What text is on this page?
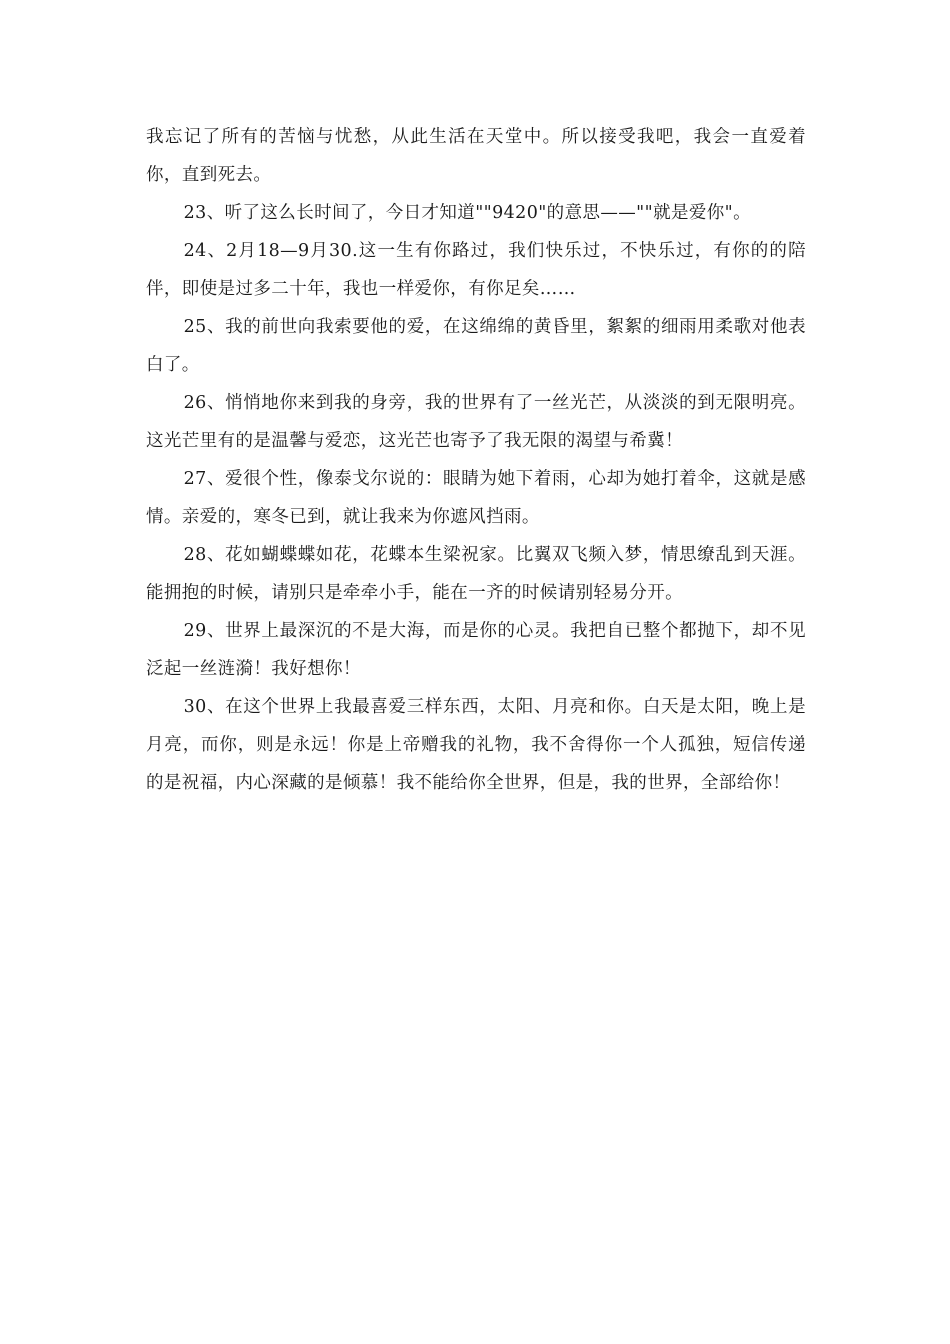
我忘记了所有的苦恼与忧愁，从此生活在天堂中。所以接受我吧，我会一直爱着你，直到死去。

23、听了这么长时间了，今日才知道""9420"的意思——""就是爱你"。

24、2月18—9月30.这一生有你路过，我们快乐过，不快乐过，有你的的陪伴，即使是过多二十年，我也一样爱你，有你足矣……

25、我的前世向我索要他的爱，在这绵绵的黄昏里，絮絮的细雨用柔歌对他表白了。

26、悄悄地你来到我的身旁，我的世界有了一丝光芒，从淡淡的到无限明亮。这光芒里有的是温馨与爱恋，这光芒也寄予了我无限的渴望与希冀！

27、爱很个性，像泰戈尔说的：眼睛为她下着雨，心却为她打着伞，这就是感情。亲爱的，寒冬已到，就让我来为你遮风挡雨。

28、花如蝴蝶蝶如花，花蝶本生梁祝家。比翼双飞频入梦，情思缭乱到天涯。能拥抱的时候，请别只是牵牵小手，能在一齐的时候请别轻易分开。

29、世界上最深沉的不是大海，而是你的心灵。我把自已整个都抛下，却不见泛起一丝涟漪！我好想你！

30、在这个世界上我最喜爱三样东西，太阳、月亮和你。白天是太阳，晚上是月亮，而你，则是永远！你是上帝赠我的礼物，我不舍得你一个人孤独，短信传递的是祝福，内心深藏的是倾慕！我不能给你全世界，但是，我的世界，全部给你！
